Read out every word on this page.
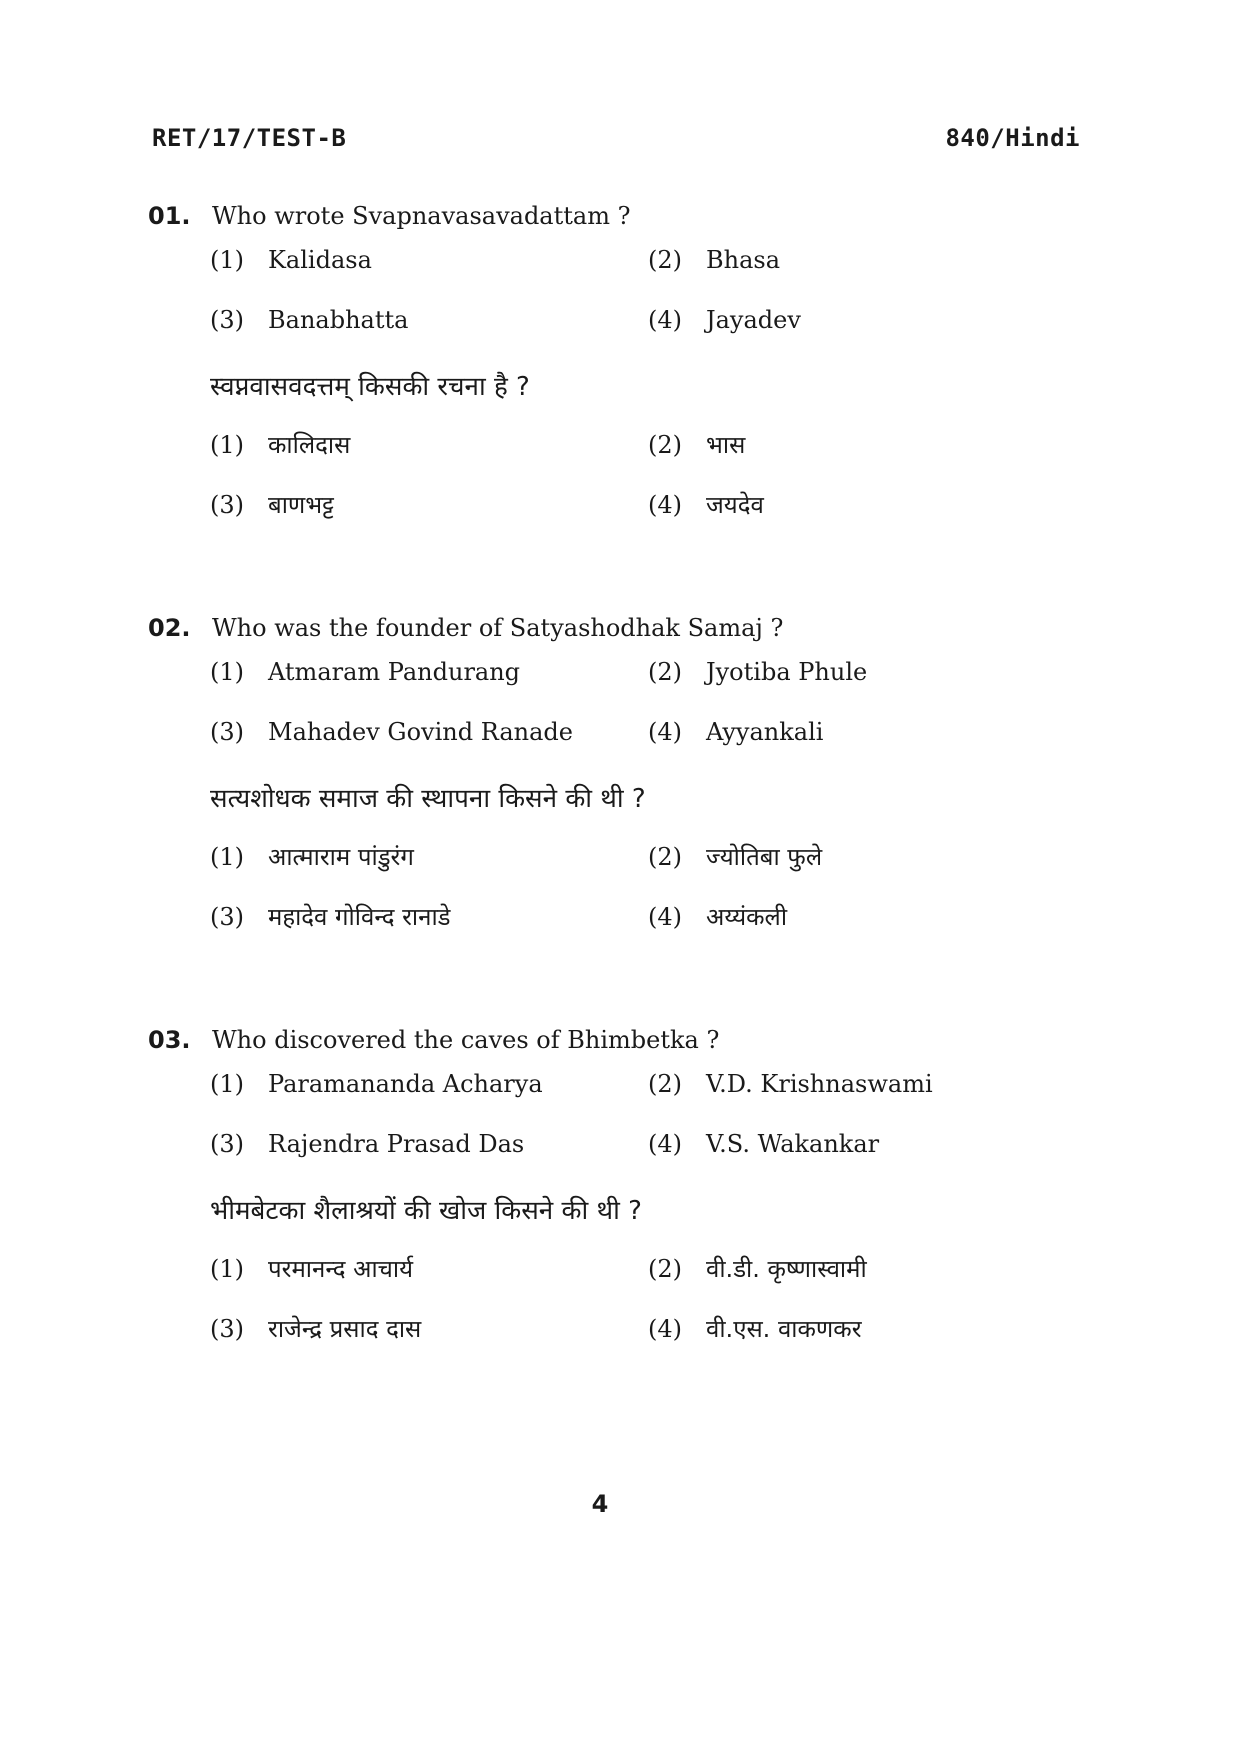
RET/17/TEST-B	840/Hindi
01. Who wrote Svapnavasavadattam ?
(1) Kalidasa	(2) Bhasa
(3) Banabhatta	(4) Jayadev
स्वप्नवासवदत्तम् किसकी रचना है ?
(1) कालिदास	(2) भास
(3) बाणभट्ट	(4) जयदेव
02. Who was the founder of Satyashodhak Samaj ?
(1) Atmaram Pandurang	(2) Jyotiba Phule
(3) Mahadev Govind Ranade	(4) Ayyankali
सत्यशोधक समाज की स्थापना किसने की थी ?
(1) आत्माराम पांडुरंग	(2) ज्योतिबा फुले
(3) महादेव गोविन्द रानाडे	(4) अय्यंकली
03. Who discovered the caves of Bhimbetka ?
(1) Paramananda Acharya	(2) V.D. Krishnaswami
(3) Rajendra Prasad Das	(4) V.S. Wakankar
भीमबेटका शैलाश्रयों की खोज किसने की थी ?
(1) परमानन्द आचार्य	(2) वी.डी. कृष्णास्वामी
(3) राजेन्द्र प्रसाद दास	(4) वी.एस. वाकणकर
4
